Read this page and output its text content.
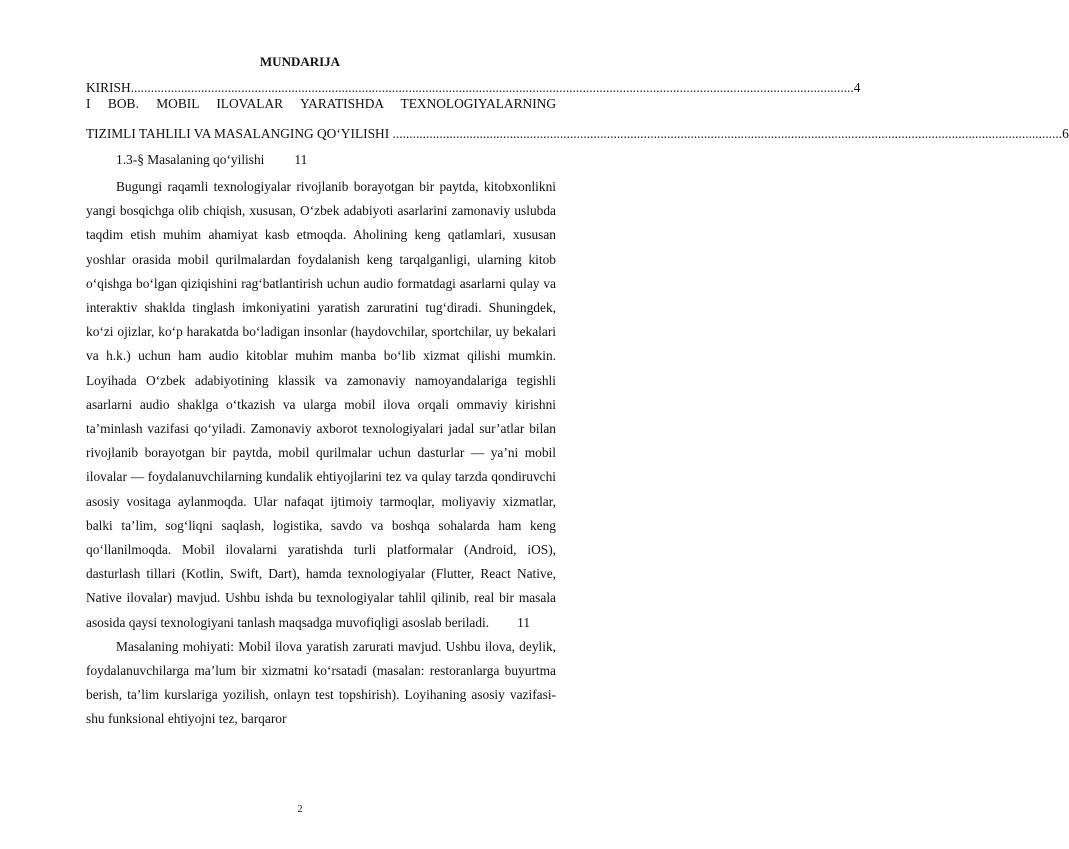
MUNDARIJA
KIRISH ........................................................................................................................................................................................................................ 4
I BOB. MOBIL ILOVALAR YARATISHDA TEXNOLOGIYALARNING
TIZIMLI TAHLILI VA MASALANGING QO‘YILISHI ........................................................................................................................................................................................................ 6
1.3-§ Masalaning qo‘yilishi 11

Bugungi raqamli texnologiyalar rivojlanib borayotgan bir paytda, kitobxonlikni yangi bosqichga olib chiqish, xususan, O‘zbek adabiyoti asarlarini zamonaviy uslubda taqdim etish muhim ahamiyat kasb etmoqda. Aholining keng qatlamlari, xususan yoshlar orasida mobil qurilmalardan foydalanish keng tarqalganligi, ularning kitob o‘qishga bo‘lgan qiziqishini rag‘batlantirish uchun audio formatdagi asarlarni qulay va interaktiv shaklda tinglash imkoniyatini yaratish zaruratini tug‘diradi. Shuningdek, ko‘zi ojizlar, ko‘p harakatda bo‘ladigan insonlar (haydovchilar, sportchilar, uy bekalari va h.k.) uchun ham audio kitoblar muhim manba bo‘lib xizmat qilishi mumkin. Loyihada O‘zbek adabiyotining klassik va zamonaviy namoyandalariga tegishli asarlarni audio shaklga o‘tkazish va ularga mobil ilova orqali ommaviy kirishni ta’minlash vazifasi qo‘yiladi. Zamonaviy axborot texnologiyalari jadal sur’atlar bilan rivojlanib borayotgan bir paytda, mobil qurilmalar uchun dasturlar — ya’ni mobil ilovalar — foydalanuvchilarning kundalik ehtiyojlarini tez va qulay tarzda qondiruvchi asosiy vositaga aylanmoqda. Ular nafaqat ijtimoiy tarmoqlar, moliyaviy xizmatlar, balki ta’lim, sog‘liqni saqlash, logistika, savdo va boshqa sohalarda ham keng qo‘llanilmoqda. Mobil ilovalarni yaratishda turli platformalar (Android, iOS), dasturlash tillari (Kotlin, Swift, Dart), hamda texnologiyalar (Flutter, React Native, Native ilovalar) mavjud. Ushbu ishda bu texnologiyalar tahlil qilinib, real bir masala asosida qaysi texnologiyani tanlash maqsadga muvofiqligi asoslab beriladi. 11

Masalaning mohiyati: Mobil ilova yaratish zarurati mavjud. Ushbu ilova, deylik, foydalanuvchilarga ma’lum bir xizmatni ko‘rsatadi (masalan: restoranlarga buyurtma berish, ta’lim kurslariga yozilish, onlayn test topshirish). Loyihaning asosiy vazifasi-shu funksional ehtiyojni tez, barqaror

2
